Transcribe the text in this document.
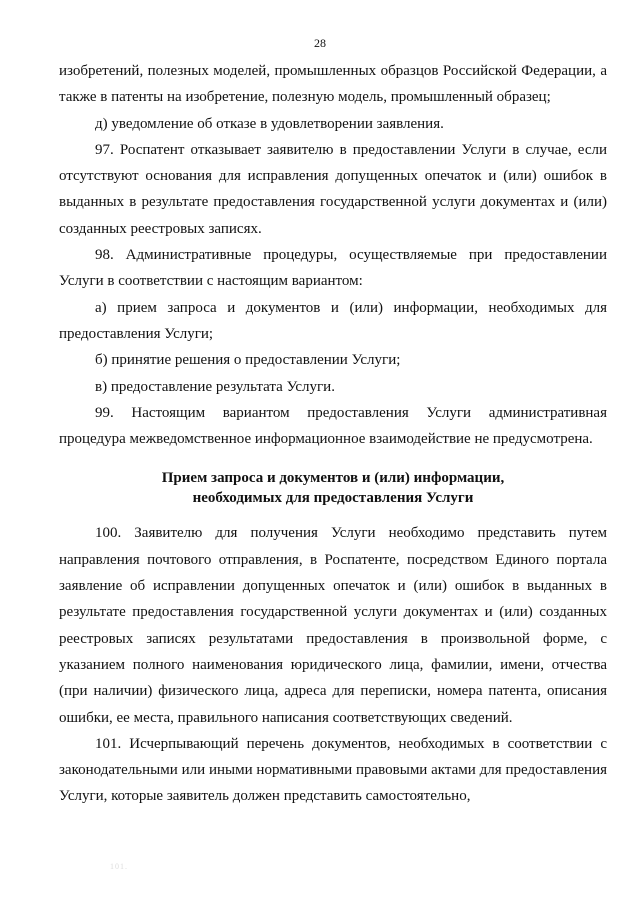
28

изобретений, полезных моделей, промышленных образцов Российской Федерации, а также в патенты на изобретение, полезную модель, промышленный образец;

д) уведомление об отказе в удовлетворении заявления.

97. Роспатент отказывает заявителю в предоставлении Услуги в случае, если отсутствуют основания для исправления допущенных опечаток и (или) ошибок в выданных в результате предоставления государственной услуги документах и (или) созданных реестровых записях.

98. Административные процедуры, осуществляемые при предоставлении Услуги в соответствии с настоящим вариантом:

а) прием запроса и документов и (или) информации, необходимых для предоставления Услуги;

б) принятие решения о предоставлении Услуги;

в) предоставление результата Услуги.

99. Настоящим вариантом предоставления Услуги административная процедура межведомственное информационное взаимодействие не предусмотрена.

Прием запроса и документов и (или) информации,
необходимых для предоставления Услуги

100. Заявителю для получения Услуги необходимо представить путем направления почтового отправления, в Роспатенте, посредством Единого портала заявление об исправлении допущенных опечаток и (или) ошибок в выданных в результате предоставления государственной услуги документах и (или) созданных реестровых записях результатами предоставления в произвольной форме, с указанием полного наименования юридического лица, фамилии, имени, отчества (при наличии) физического лица, адреса для переписки, номера патента, описания ошибки, ее места, правильного написания соответствующих сведений.

101. Исчерпывающий перечень документов, необходимых в соответствии с законодательными или иными нормативными правовыми актами для предоставления Услуги, которые заявитель должен представить самостоятельно,

101.
